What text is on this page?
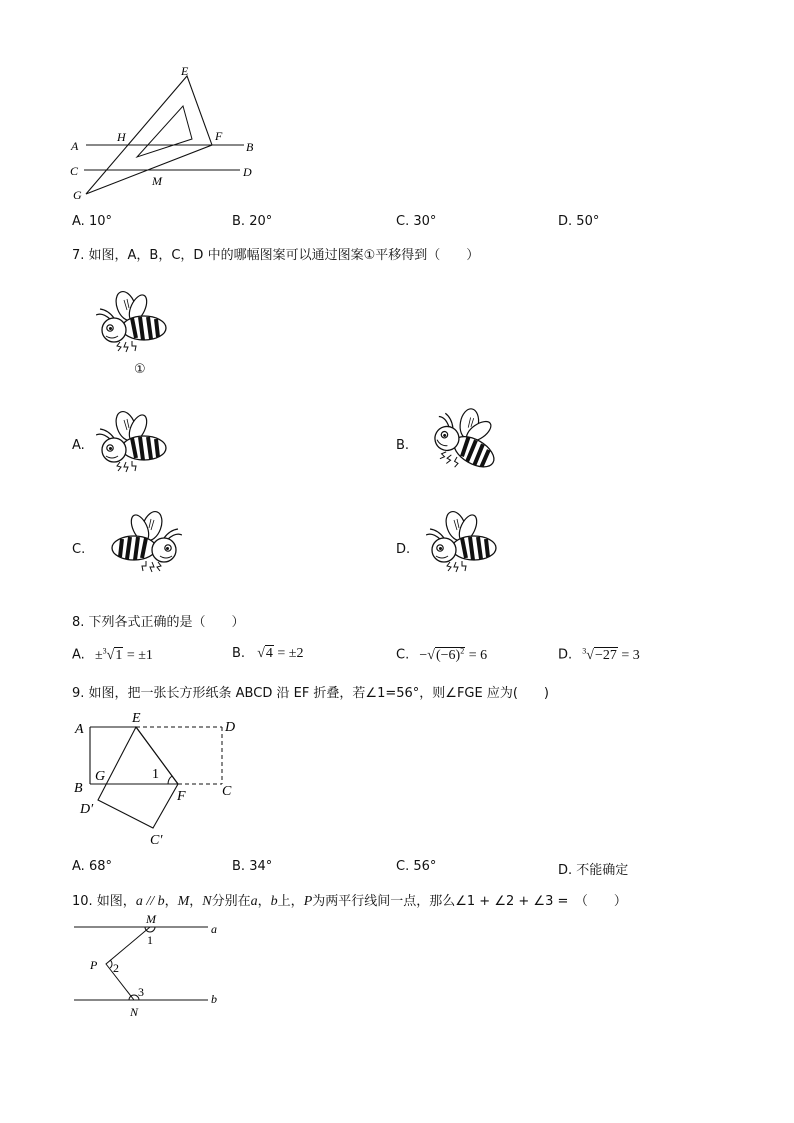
E
H	F
A	B
C	D
G
M
A. 10°	B. 20°	C. 30°	D. 50°
7. 如图，A，B，C，D 中的哪幅图案可以通过图案①平移得到（　　）
①
A.	B.
C.	D.
8. 下列各式正确的是（　　）
A. ±$^3$√1 = ±1	B. √4 = ±2	C. $-√(-6)^2 = 6$	D. $^3$√−27 = 3
9. 如图，把一张长方形纸条 ABCD 沿 EF 折叠，若∠1=56°，则∠FGE 应为(　　)
A
E
D
B
G	1
F	C
D′
C′
A. 68°	B. 34°	C. 56°	D. 不能确定
10. 如图，a // b，M，N分别在a，b上，P为两平行线间一点，那么∠1 + ∠2 + ∠3 =　（　　）
M
1
a
P 2
3	b
N
